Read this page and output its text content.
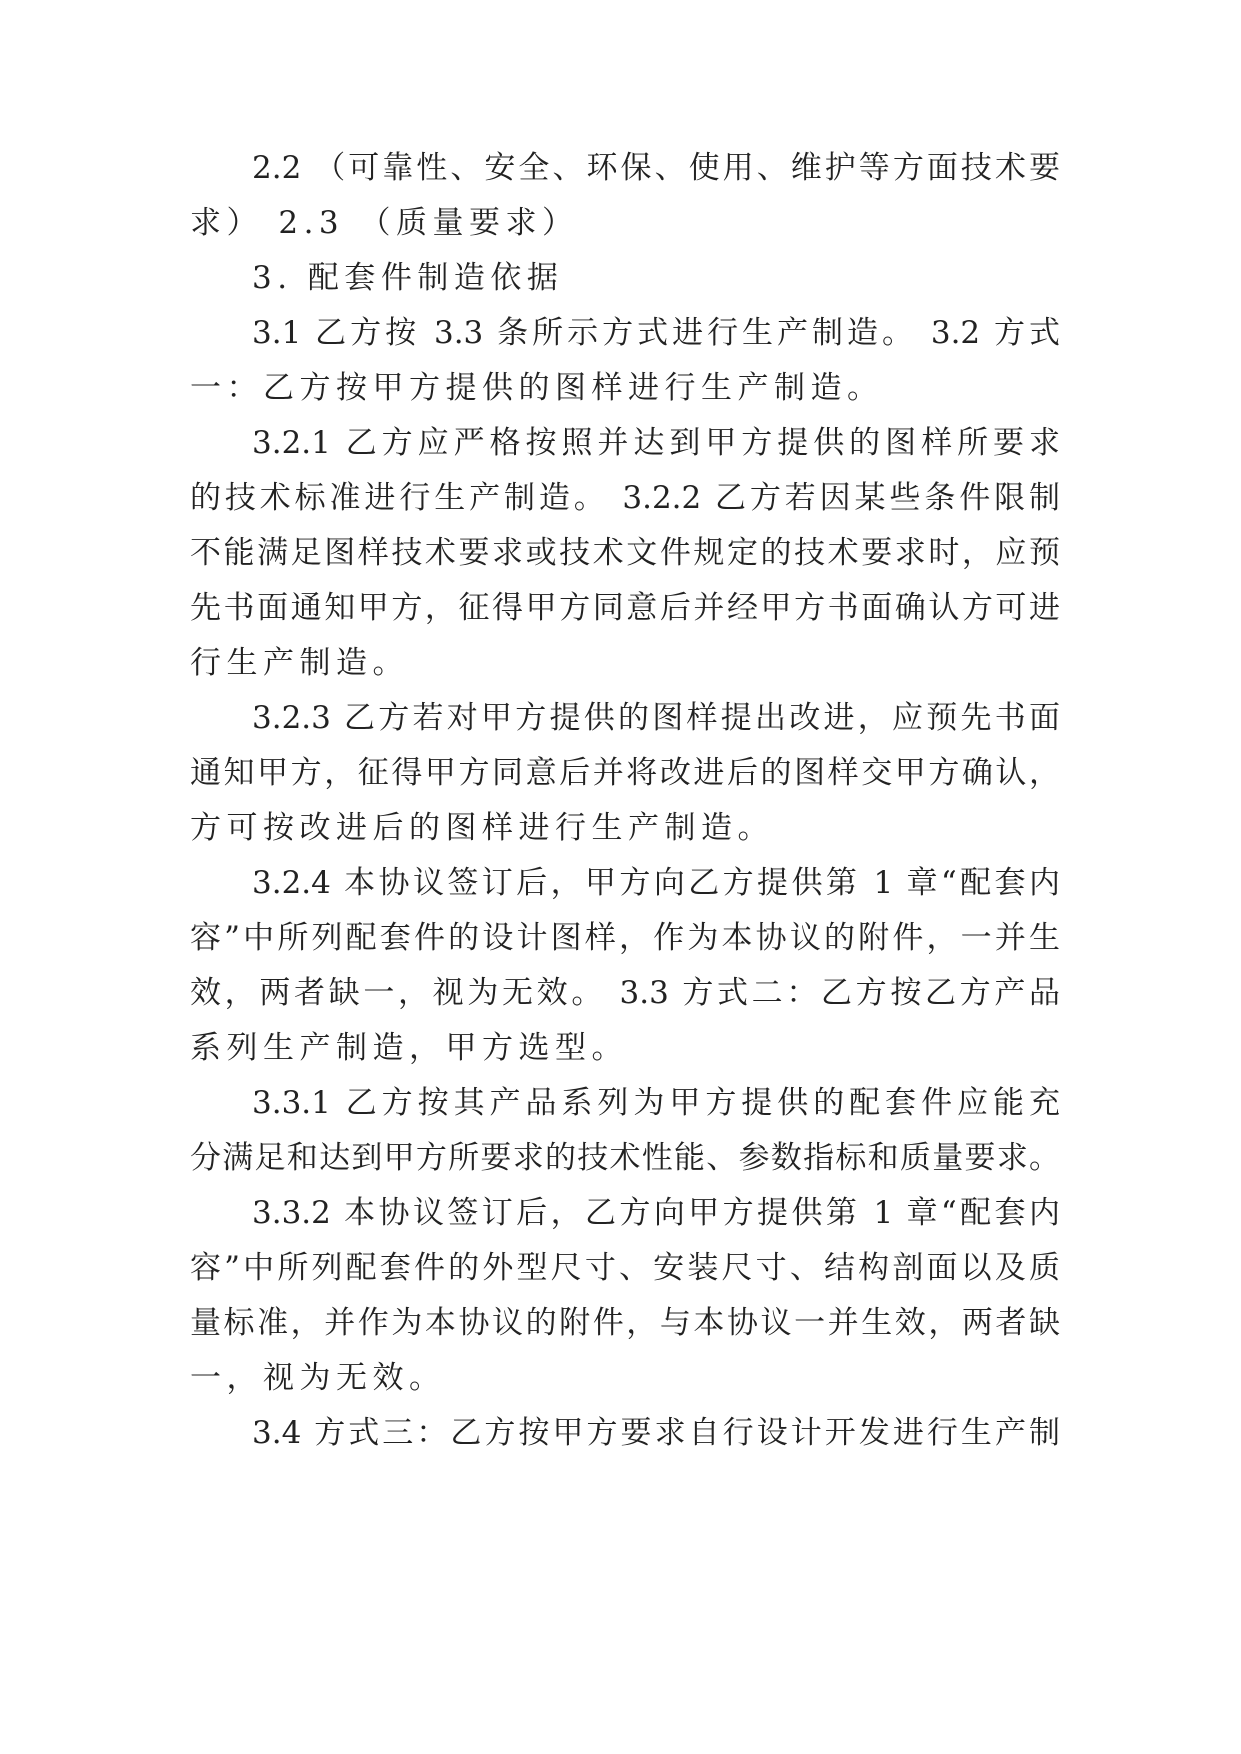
2.2 （可靠性、安全、环保、使用、维护等方面技术要
求） 2.3 （质量要求）
3. 配套件制造依据
3.1 乙方按 3.3 条所示方式进行生产制造。 3.2 方式
一：乙方按甲方提供的图样进行生产制造。
3.2.1 乙方应严格按照并达到甲方提供的图样所要求
的技术标准进行生产制造。 3.2.2 乙方若因某些条件限制
不能满足图样技术要求或技术文件规定的技术要求时，应预
先书面通知甲方，征得甲方同意后并经甲方书面确认方可进
行生产制造。
3.2.3 乙方若对甲方提供的图样提出改进，应预先书面
通知甲方，征得甲方同意后并将改进后的图样交甲方确认，
方可按改进后的图样进行生产制造。
3.2.4 本协议签订后，甲方向乙方提供第 1 章“配套内
容”中所列配套件的设计图样，作为本协议的附件，一并生
效，两者缺一，视为无效。 3.3 方式二：乙方按乙方产品
系列生产制造，甲方选型。
3.3.1 乙方按其产品系列为甲方提供的配套件应能充
分满足和达到甲方所要求的技术性能、参数指标和质量要求。
3.3.2 本协议签订后，乙方向甲方提供第 1 章“配套内
容”中所列配套件的外型尺寸、安装尺寸、结构剖面以及质
量标准，并作为本协议的附件，与本协议一并生效，两者缺
一，视为无效。
3.4 方式三：乙方按甲方要求自行设计开发进行生产制
